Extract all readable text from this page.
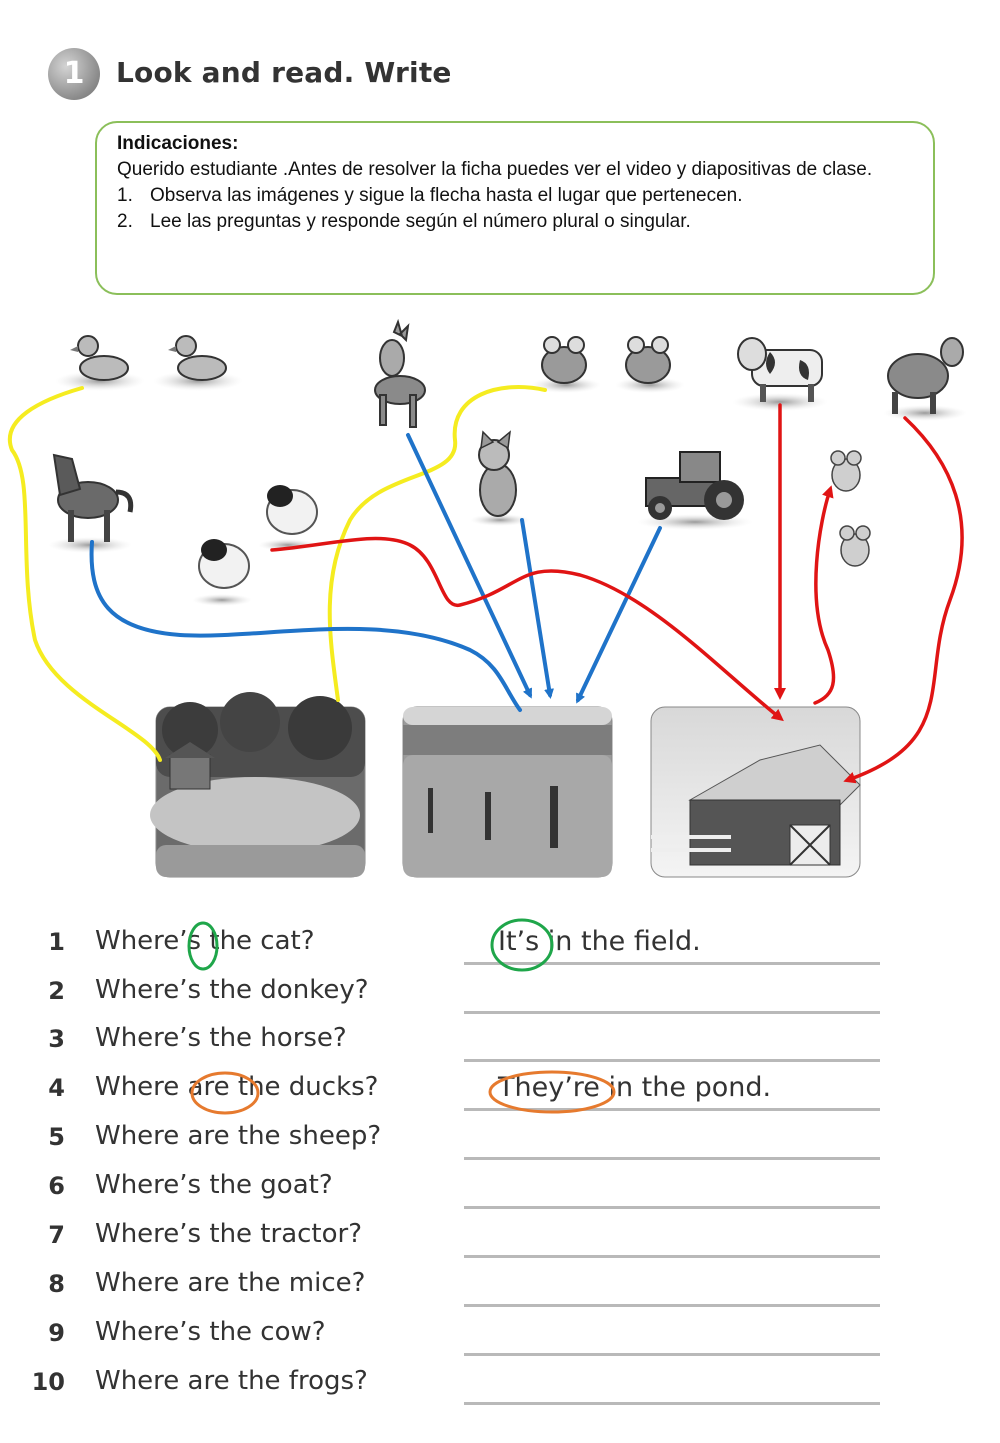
1	Look and read. Write
Indicaciones:
Querido estudiante .Antes de resolver la ficha puedes ver el video y diapositivas de clase.
1. Observa las imágenes y sigue la flecha hasta el lugar que pertenecen.
2. Lee las preguntas y responde según el número plural o singular.
1 Where’s the cat?	It’s in the field.
2 Where’s the donkey?
3 Where’s the horse?
4 Where are the ducks?	They’re in the pond.
5 Where are the sheep?
6 Where’s the goat?
7 Where’s the tractor?
8 Where are the mice?
9 Where’s the cow?
10 Where are the frogs?
